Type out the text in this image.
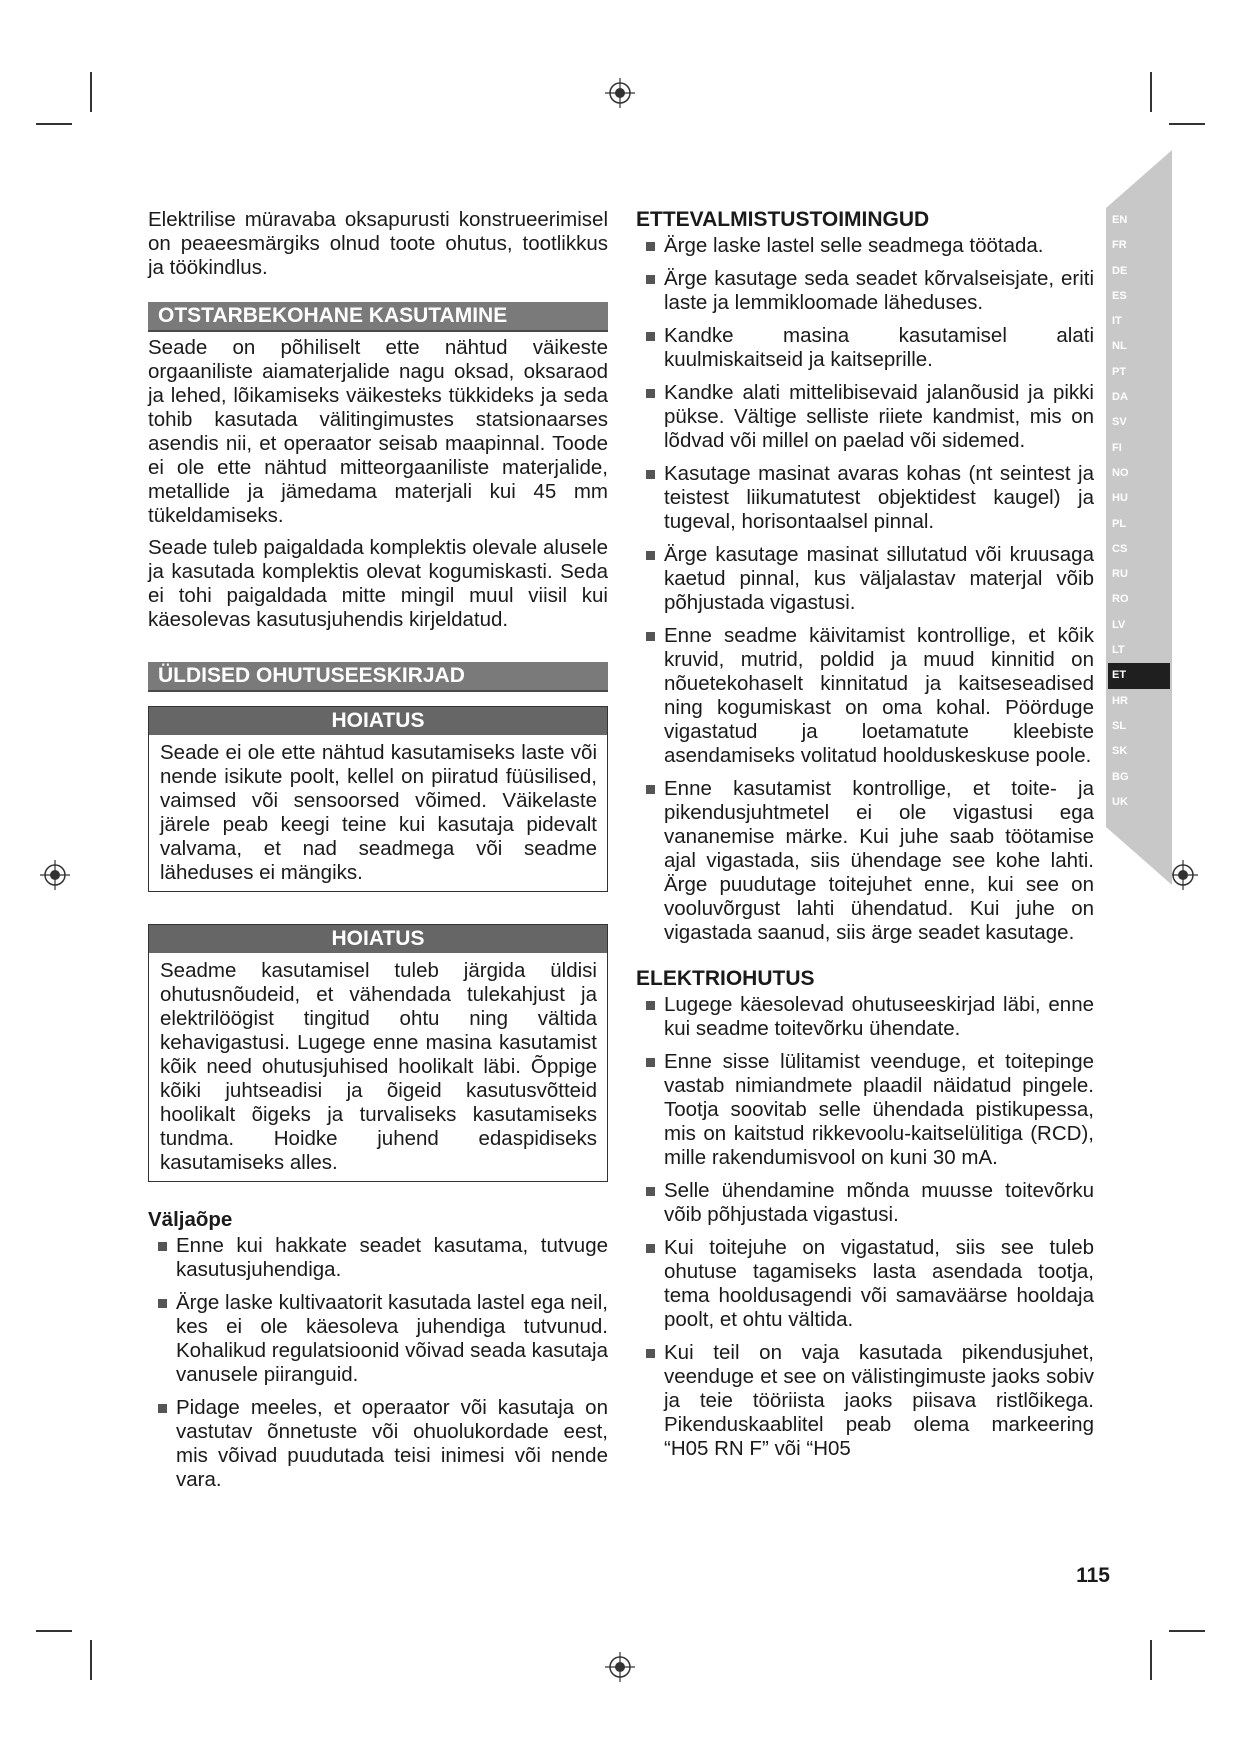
EN
FR
DE
ES
IT
NL
PT
DA
SV
FI
NO
HU
PL
CS
RU
RO
LV
LT
ET
HR
SL
SK
BG
UK

Elektrilise müravaba oksapurusti konstrueerimisel on peaeesmärgiks olnud toote ohutus, tootlikkus ja töökindlus.

OTSTARBEKOHANE KASUTAMINE

Seade on põhiliselt ette nähtud väikeste orgaaniliste aiamaterjalide nagu oksad, oksaraod ja lehed, lõikamiseks väikesteks tükkideks ja seda tohib kasutada välitingimustes statsionaarses asendis nii, et operaator seisab maapinnal. Toode ei ole ette nähtud mitteorgaaniliste materjalide, metallide ja jämedama materjali kui 45 mm tükeldamiseks.

Seade tuleb paigaldada komplektis olevale alusele ja kasutada komplektis olevat kogumiskasti. Seda ei tohi paigaldada mitte mingil muul viisil kui käesolevas kasutusjuhendis kirjeldatud.

ÜLDISED OHUTUSEESKIRJAD
HOIATUS
Seade ei ole ette nähtud kasutamiseks laste või nende isikute poolt, kellel on piiratud füüsilised, vaimsed või sensoorsed võimed. Väikelaste järele peab keegi teine kui kasutaja pidevalt valvama, et nad seadmega või seadme läheduses ei mängiks.
HOIATUS
Seadme kasutamisel tuleb järgida üldisi ohutusnõudeid, et vähendada tulekahjust ja elektrilöögist tingitud ohtu ning vältida kehavigastusi. Lugege enne masina kasutamist kõik need ohutusjuhised hoolikalt läbi. Õppige kõiki juhtseadisi ja õigeid kasutusvõtteid hoolikalt õigeks ja turvaliseks kasutamiseks tundma. Hoidke juhend edaspidiseks kasutamiseks alles.
Väljaõpe
Enne kui hakkate seadet kasutama, tutvuge kasutusjuhendiga.
Ärge laske kultivaatorit kasutada lastel ega neil, kes ei ole käesoleva juhendiga tutvunud. Kohalikud regulatsioonid võivad seada kasutaja vanusele piiranguid.
Pidage meeles, et operaator või kasutaja on vastutav õnnetuste või ohuolukordade eest, mis võivad puudutada teisi inimesi või nende vara.
ETTEVALMISTUSTOIMINGUD
Ärge laske lastel selle seadmega töötada.
Ärge kasutage seda seadet kõrvalseisjate, eriti laste ja lemmikloomade läheduses.
Kandke masina kasutamisel alati kuulmiskaitseid ja kaitseprille.
Kandke alati mittelibisevaid jalanõusid ja pikki pükse. Vältige selliste riiete kandmist, mis on lõdvad või millel on paelad või sidemed.
Kasutage masinat avaras kohas (nt seintest ja teistest liikumatutest objektidest kaugel) ja tugeval, horisontaalsel pinnal.
Ärge kasutage masinat sillutatud või kruusaga kaetud pinnal, kus väljalastav materjal võib põhjustada vigastusi.
Enne seadme käivitamist kontrollige, et kõik kruvid, mutrid, poldid ja muud kinnitid on nõuetekohaselt kinnitatud ja kaitseseadised ning kogumiskast on oma kohal. Pöörduge vigastatud ja loetamatute kleebiste asendamiseks volitatud hoolduskeskuse poole.
Enne kasutamist kontrollige, et toite- ja pikendusjuhtmetel ei ole vigastusi ega vananemise märke. Kui juhe saab töötamise ajal vigastada, siis ühendage see kohe lahti. Ärge puudutage toitejuhet enne, kui see on vooluvõrgust lahti ühendatud. Kui juhe on vigastada saanud, siis ärge seadet kasutage.
ELEKTRIOHUTUS
Lugege käesolevad ohutuseeskirjad läbi, enne kui seadme toitevõrku ühendate.
Enne sisse lülitamist veenduge, et toitepinge vastab nimiandmete plaadil näidatud pingele. Tootja soovitab selle ühendada pistikupessa, mis on kaitstud rikkevoolu-kaitselülitiga (RCD), mille rakendumisvool on kuni 30 mA.
Selle ühendamine mõnda muusse toitevõrku võib põhjustada vigastusi.
Kui toitejuhe on vigastatud, siis see tuleb ohutuse tagamiseks lasta asendada tootja, tema hooldusagendi või samaväärse hooldaja poolt, et ohtu vältida.
Kui teil on vaja kasutada pikendusjuhet, veenduge et see on välistingimuste jaoks sobiv ja teie tööriista jaoks piisava ristlõikega. Pikenduskaablitel peab olema markeering “H05 RN F” või “H05
115
